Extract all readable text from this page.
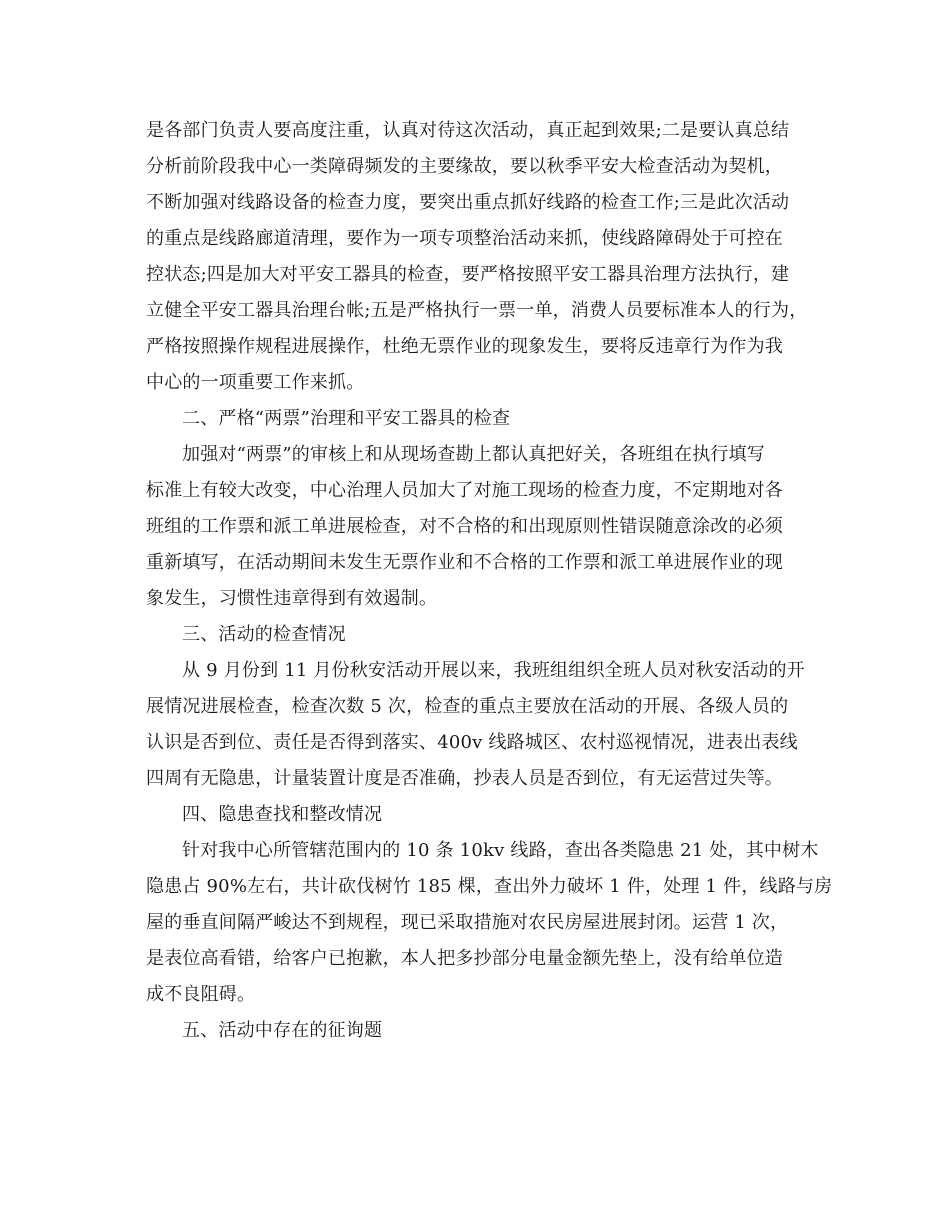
是各部门负责人要高度注重，认真对待这次活动，真正起到效果;二是要认真总结

分析前阶段我中心一类障碍频发的主要缘故，要以秋季平安大检查活动为契机，

不断加强对线路设备的检查力度，要突出重点抓好线路的检查工作;三是此次活动

的重点是线路廊道清理，要作为一项专项整治活动来抓，使线路障碍处于可控在

控状态;四是加大对平安工器具的检查，要严格按照平安工器具治理方法执行，建

立健全平安工器具治理台帐;五是严格执行一票一单，消费人员要标准本人的行为，

严格按照操作规程进展操作，杜绝无票作业的现象发生，要将反违章行为作为我

中心的一项重要工作来抓。

二、严格“两票”治理和平安工器具的检查

加强对“两票”的审核上和从现场查勘上都认真把好关，各班组在执行填写

标准上有较大改变，中心治理人员加大了对施工现场的检查力度，不定期地对各

班组的工作票和派工单进展检查，对不合格的和出现原则性错误随意涂改的必须

重新填写，在活动期间未发生无票作业和不合格的工作票和派工单进展作业的现

象发生，习惯性违章得到有效遏制。

三、活动的检查情况

从 9 月份到 11 月份秋安活动开展以来，我班组组织全班人员对秋安活动的开

展情况进展检查，检查次数 5 次，检查的重点主要放在活动的开展、各级人员的

认识是否到位、责任是否得到落实、400v 线路城区、农村巡视情况，进表出表线

四周有无隐患，计量装置计度是否准确，抄表人员是否到位，有无运营过失等。

四、隐患查找和整改情况

针对我中心所管辖范围内的 10 条 10kv 线路，查出各类隐患 21 处，其中树木

隐患占 90%左右，共计砍伐树竹 185 棵，查出外力破坏 1 件，处理 1 件，线路与房

屋的垂直间隔严峻达不到规程，现已采取措施对农民房屋进展封闭。运营 1 次，

是表位高看错，给客户已抱歉，本人把多抄部分电量金额先垫上，没有给单位造

成不良阻碍。

五、活动中存在的征询题
